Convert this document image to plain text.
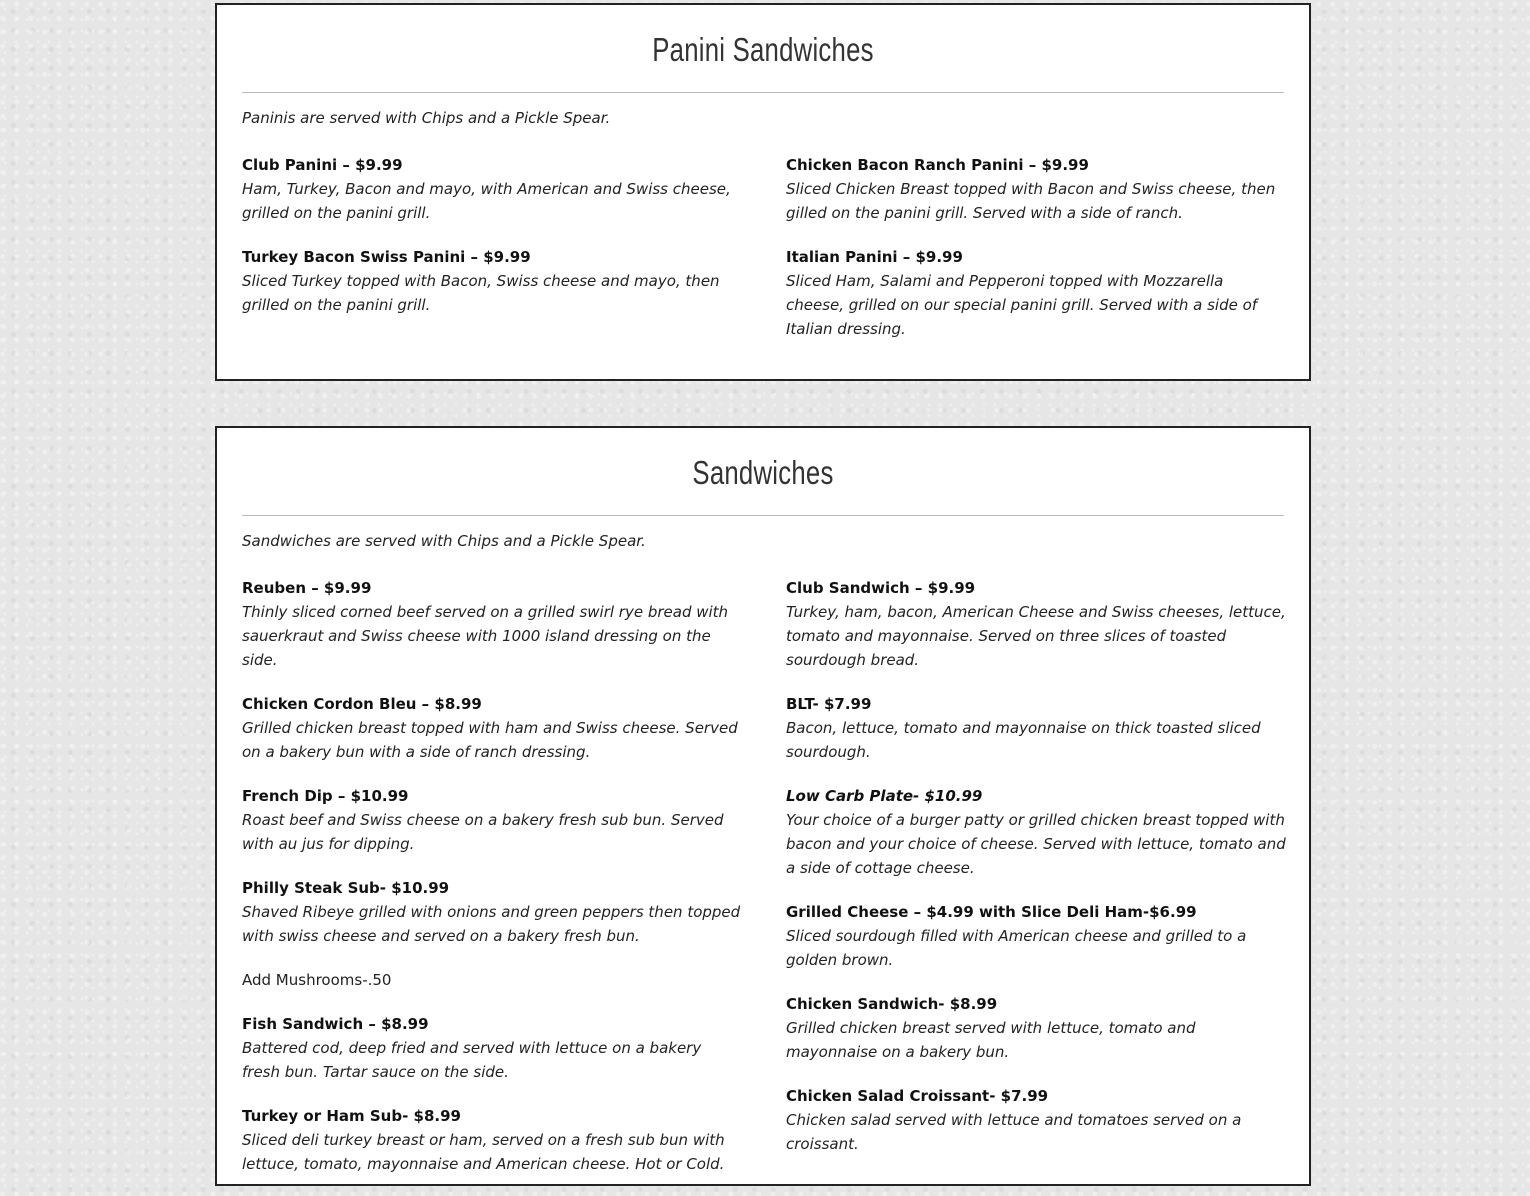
Panini Sandwiches

Paninis are served with Chips and a Pickle Spear.

Club Panini – $9.99

Ham, Turkey, Bacon and mayo, with American and Swiss cheese, grilled on the panini grill.

Turkey Bacon Swiss Panini – $9.99

Sliced Turkey topped with Bacon, Swiss cheese and mayo, then grilled on the panini grill.

Chicken Bacon Ranch Panini – $9.99

Sliced Chicken Breast topped with Bacon and Swiss cheese, then gilled on the panini grill. Served with a side of ranch.

Italian Panini – $9.99

Sliced Ham, Salami and Pepperoni topped with Mozzarella cheese, grilled on our special panini grill. Served with a side of Italian dressing.

Sandwiches

Sandwiches are served with Chips and a Pickle Spear.

Reuben – $9.99

Thinly sliced corned beef served on a grilled swirl rye bread with sauerkraut and Swiss cheese with 1000 island dressing on the side.

Chicken Cordon Bleu – $8.99

Grilled chicken breast topped with ham and Swiss cheese. Served on a bakery bun with a side of ranch dressing.

French Dip – $10.99

Roast beef and Swiss cheese on a bakery fresh sub bun. Served with au jus for dipping.

Philly Steak Sub- $10.99

Shaved Ribeye grilled with onions and green peppers then topped with swiss cheese and served on a bakery fresh bun.

Add Mushrooms-.50

Fish Sandwich – $8.99

Battered cod, deep fried and served with lettuce on a bakery fresh bun. Tartar sauce on the side.

Turkey or Ham Sub- $8.99

Sliced deli turkey breast or ham, served on a fresh sub bun with lettuce, tomato, mayonnaise and American cheese. Hot or Cold.

Club Sandwich – $9.99

Turkey, ham, bacon, American Cheese and Swiss cheeses, lettuce, tomato and mayonnaise. Served on three slices of toasted sourdough bread.

BLT- $7.99

Bacon, lettuce, tomato and mayonnaise on thick toasted sliced sourdough.

Low Carb Plate- $10.99

Your choice of a burger patty or grilled chicken breast topped with bacon and your choice of cheese. Served with lettuce, tomato and a side of cottage cheese.

Grilled Cheese – $4.99 with Slice Deli Ham-$6.99

Sliced sourdough filled with American cheese and grilled to a golden brown.

Chicken Sandwich- $8.99

Grilled chicken breast served with lettuce, tomato and mayonnaise on a bakery bun.

Chicken Salad Croissant- $7.99

Chicken salad served with lettuce and tomatoes served on a croissant.
